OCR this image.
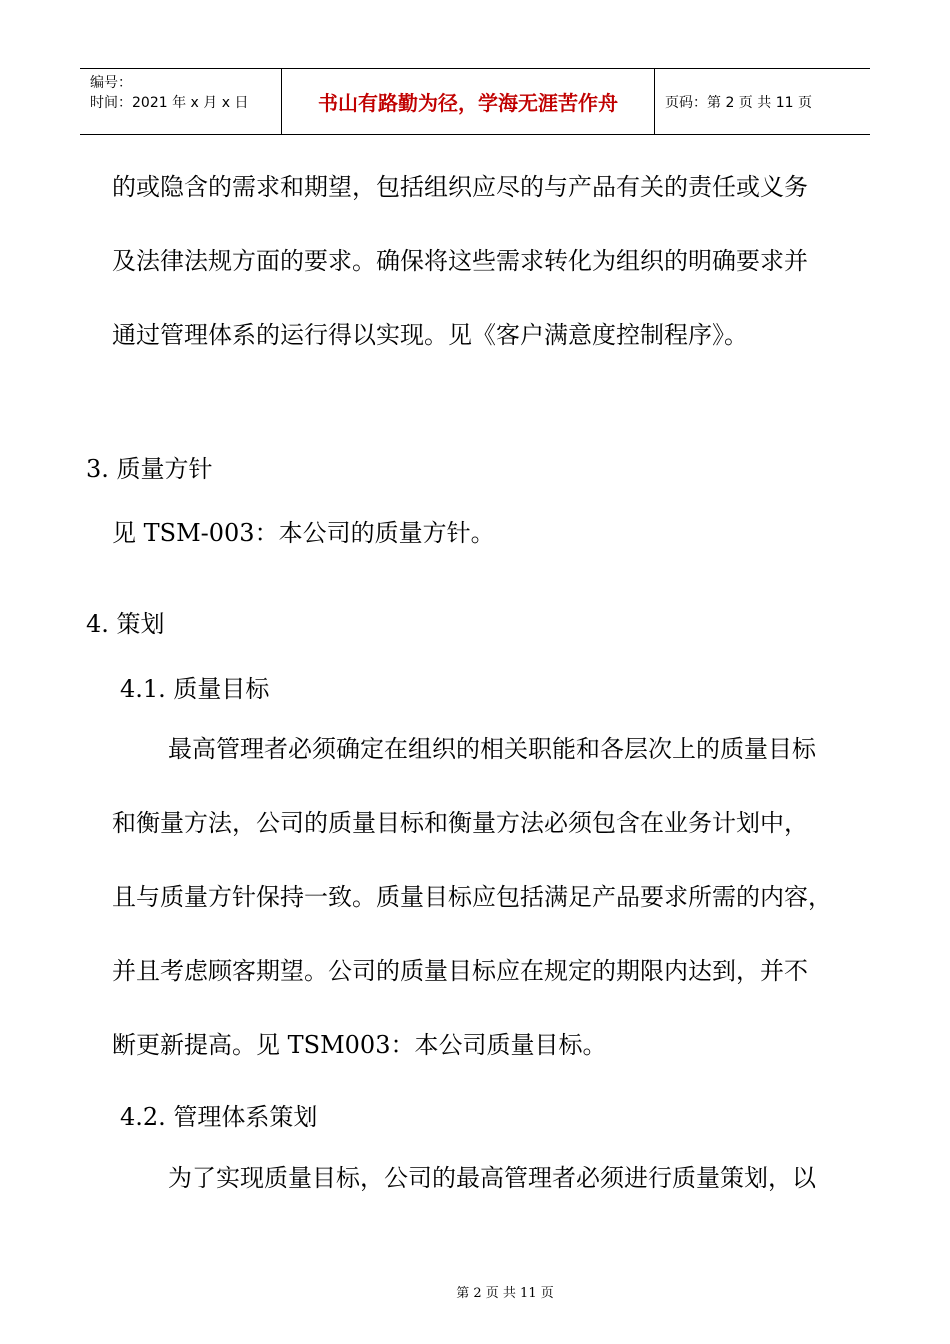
编号：
时间：2021 年 x 月 x 日	书山有路勤为径，学海无涯苦作舟	页码：第 2 页 共 11 页

的或隐含的需求和期望，包括组织应尽的与产品有关的责任或义务

及法律法规方面的要求。确保将这些需求转化为组织的明确要求并

通过管理体系的运行得以实现。见《客户满意度控制程序》。

3. 质量方针

见 TSM-003：本公司的质量方针。

4. 策划
4.1. 质量目标

最高管理者必须确定在组织的相关职能和各层次上的质量目标

和衡量方法，公司的质量目标和衡量方法必须包含在业务计划中，

且与质量方针保持一致。质量目标应包括满足产品要求所需的内容，

并且考虑顾客期望。公司的质量目标应在规定的期限内达到，并不

断更新提高。见 TSM003：本公司质量目标。

4.2. 管理体系策划

为了实现质量目标，公司的最高管理者必须进行质量策划，以

第 2 页 共 11 页
